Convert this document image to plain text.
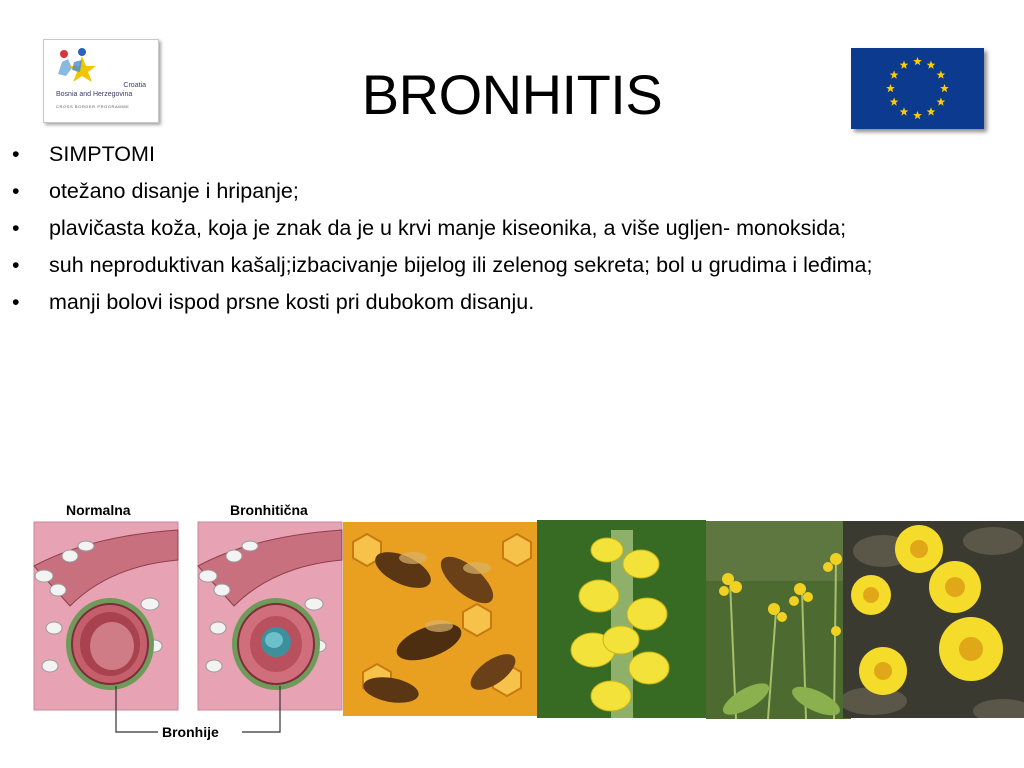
Croatia
Bosnia and Herzegovina
CROSS BORDER PROGRAMME	BRONHITIS
• SIMPTOMI
• otežano disanje i hripanje;
• plavičasta koža, koja je znak da je u krvi manje kiseonika, a više ugljen- monoksida;
• suh neproduktivan kašalj;izbacivanje bijelog ili zelenog sekreta; bol u grudima i leđima;
• manji bolovi ispod prsne kosti pri dubokom disanju.
Normalna	Bronhitična
Bronhije
